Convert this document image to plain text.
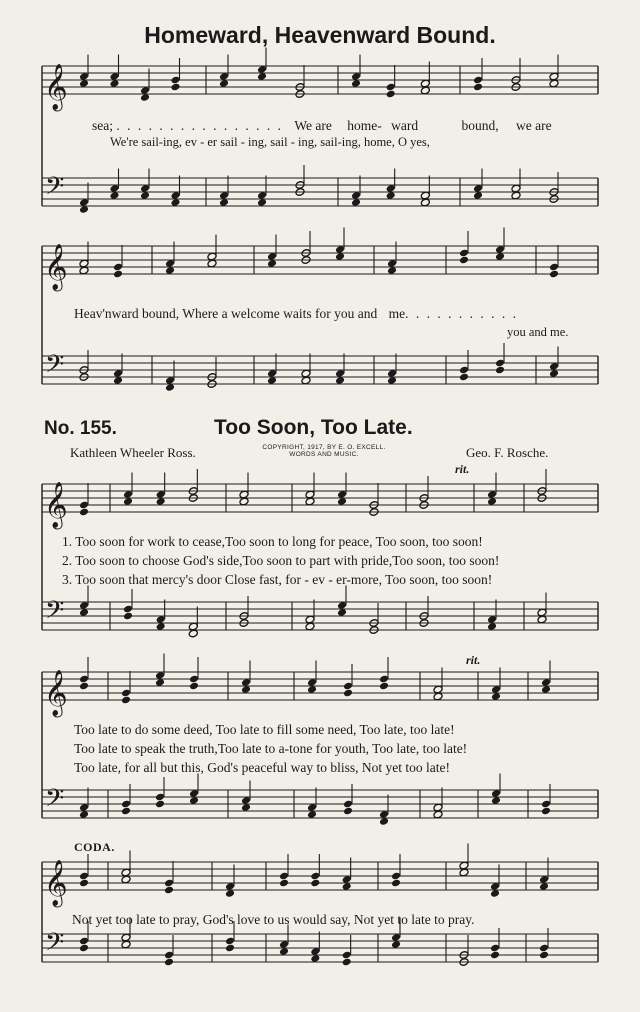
Homeward, Heavenward Bound.
𝄞
𝄢
𝄞
𝄢
𝄞
𝄢
𝄞
𝄢
𝄞
𝄢
sea; . . . . . . . . . . . . . . . . We are home- ward	bound, we are
We're sail-ing, ev - er sail - ing, sail - ing, sail-ing, home, O yes,
Heav'nward bound, Where a welcome waits for you and me. . . . . . . . . . .
you and me.
No. 155.	Too Soon, Too Late.
Kathleen Wheeler Ross.	COPYRIGHT, 1917, BY E. O. EXCELL.
WORDS AND MUSIC.	Geo. F. Rosche.
rit.
1. Too soon for work to cease,Too soon to long for peace, Too soon, too soon!
2. Too soon to choose God's side,Too soon to part with pride,Too soon, too soon!
3. Too soon that mercy's door Close fast, for - ev - er-more, Too soon, too soon!
rit.
Too late to do some deed, Too late to fill some need, Too late, too late!
Too late to speak the truth,Too late to a-tone for youth, Too late, too late!
Too late, for all but this, God's peaceful way to bliss, Not yet too late!
CODA.
Not yet too late to pray, God's love to us would say, Not yet to late to pray.
